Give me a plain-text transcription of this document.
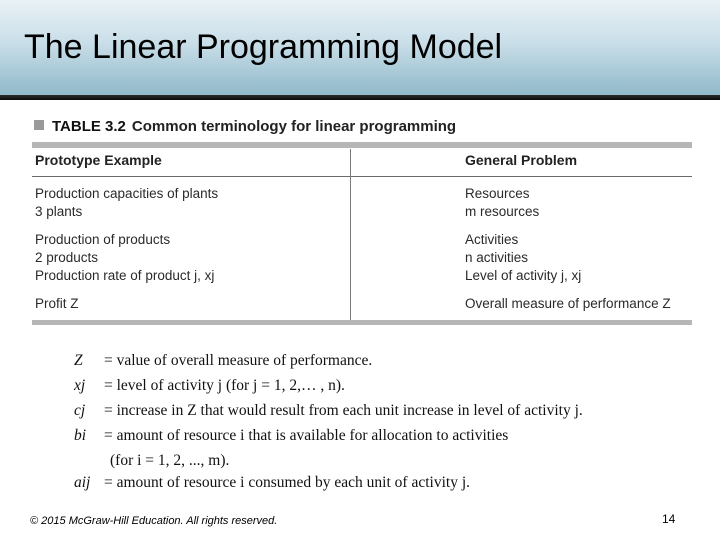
The Linear Programming Model
TABLE 3.2 Common terminology for linear programming
Prototype Example	General Problem
Production capacities of plants	Resources
3 plants	m resources
Production of products	Activities
2 products	n activities
Production rate of product j, xj	Level of activity j, xj
Profit Z	Overall measure of performance Z
Z = value of overall measure of performance.
xj = level of activity j (for j = 1, 2,… , n).
cj = increase in Z that would result from each unit increase in level of activity j.
bi = amount of resource i that is available for allocation to activities
(for i = 1, 2, ..., m).
aij = amount of resource i consumed by each unit of activity j.
© 2015 McGraw-Hill Education. All rights reserved.	14
